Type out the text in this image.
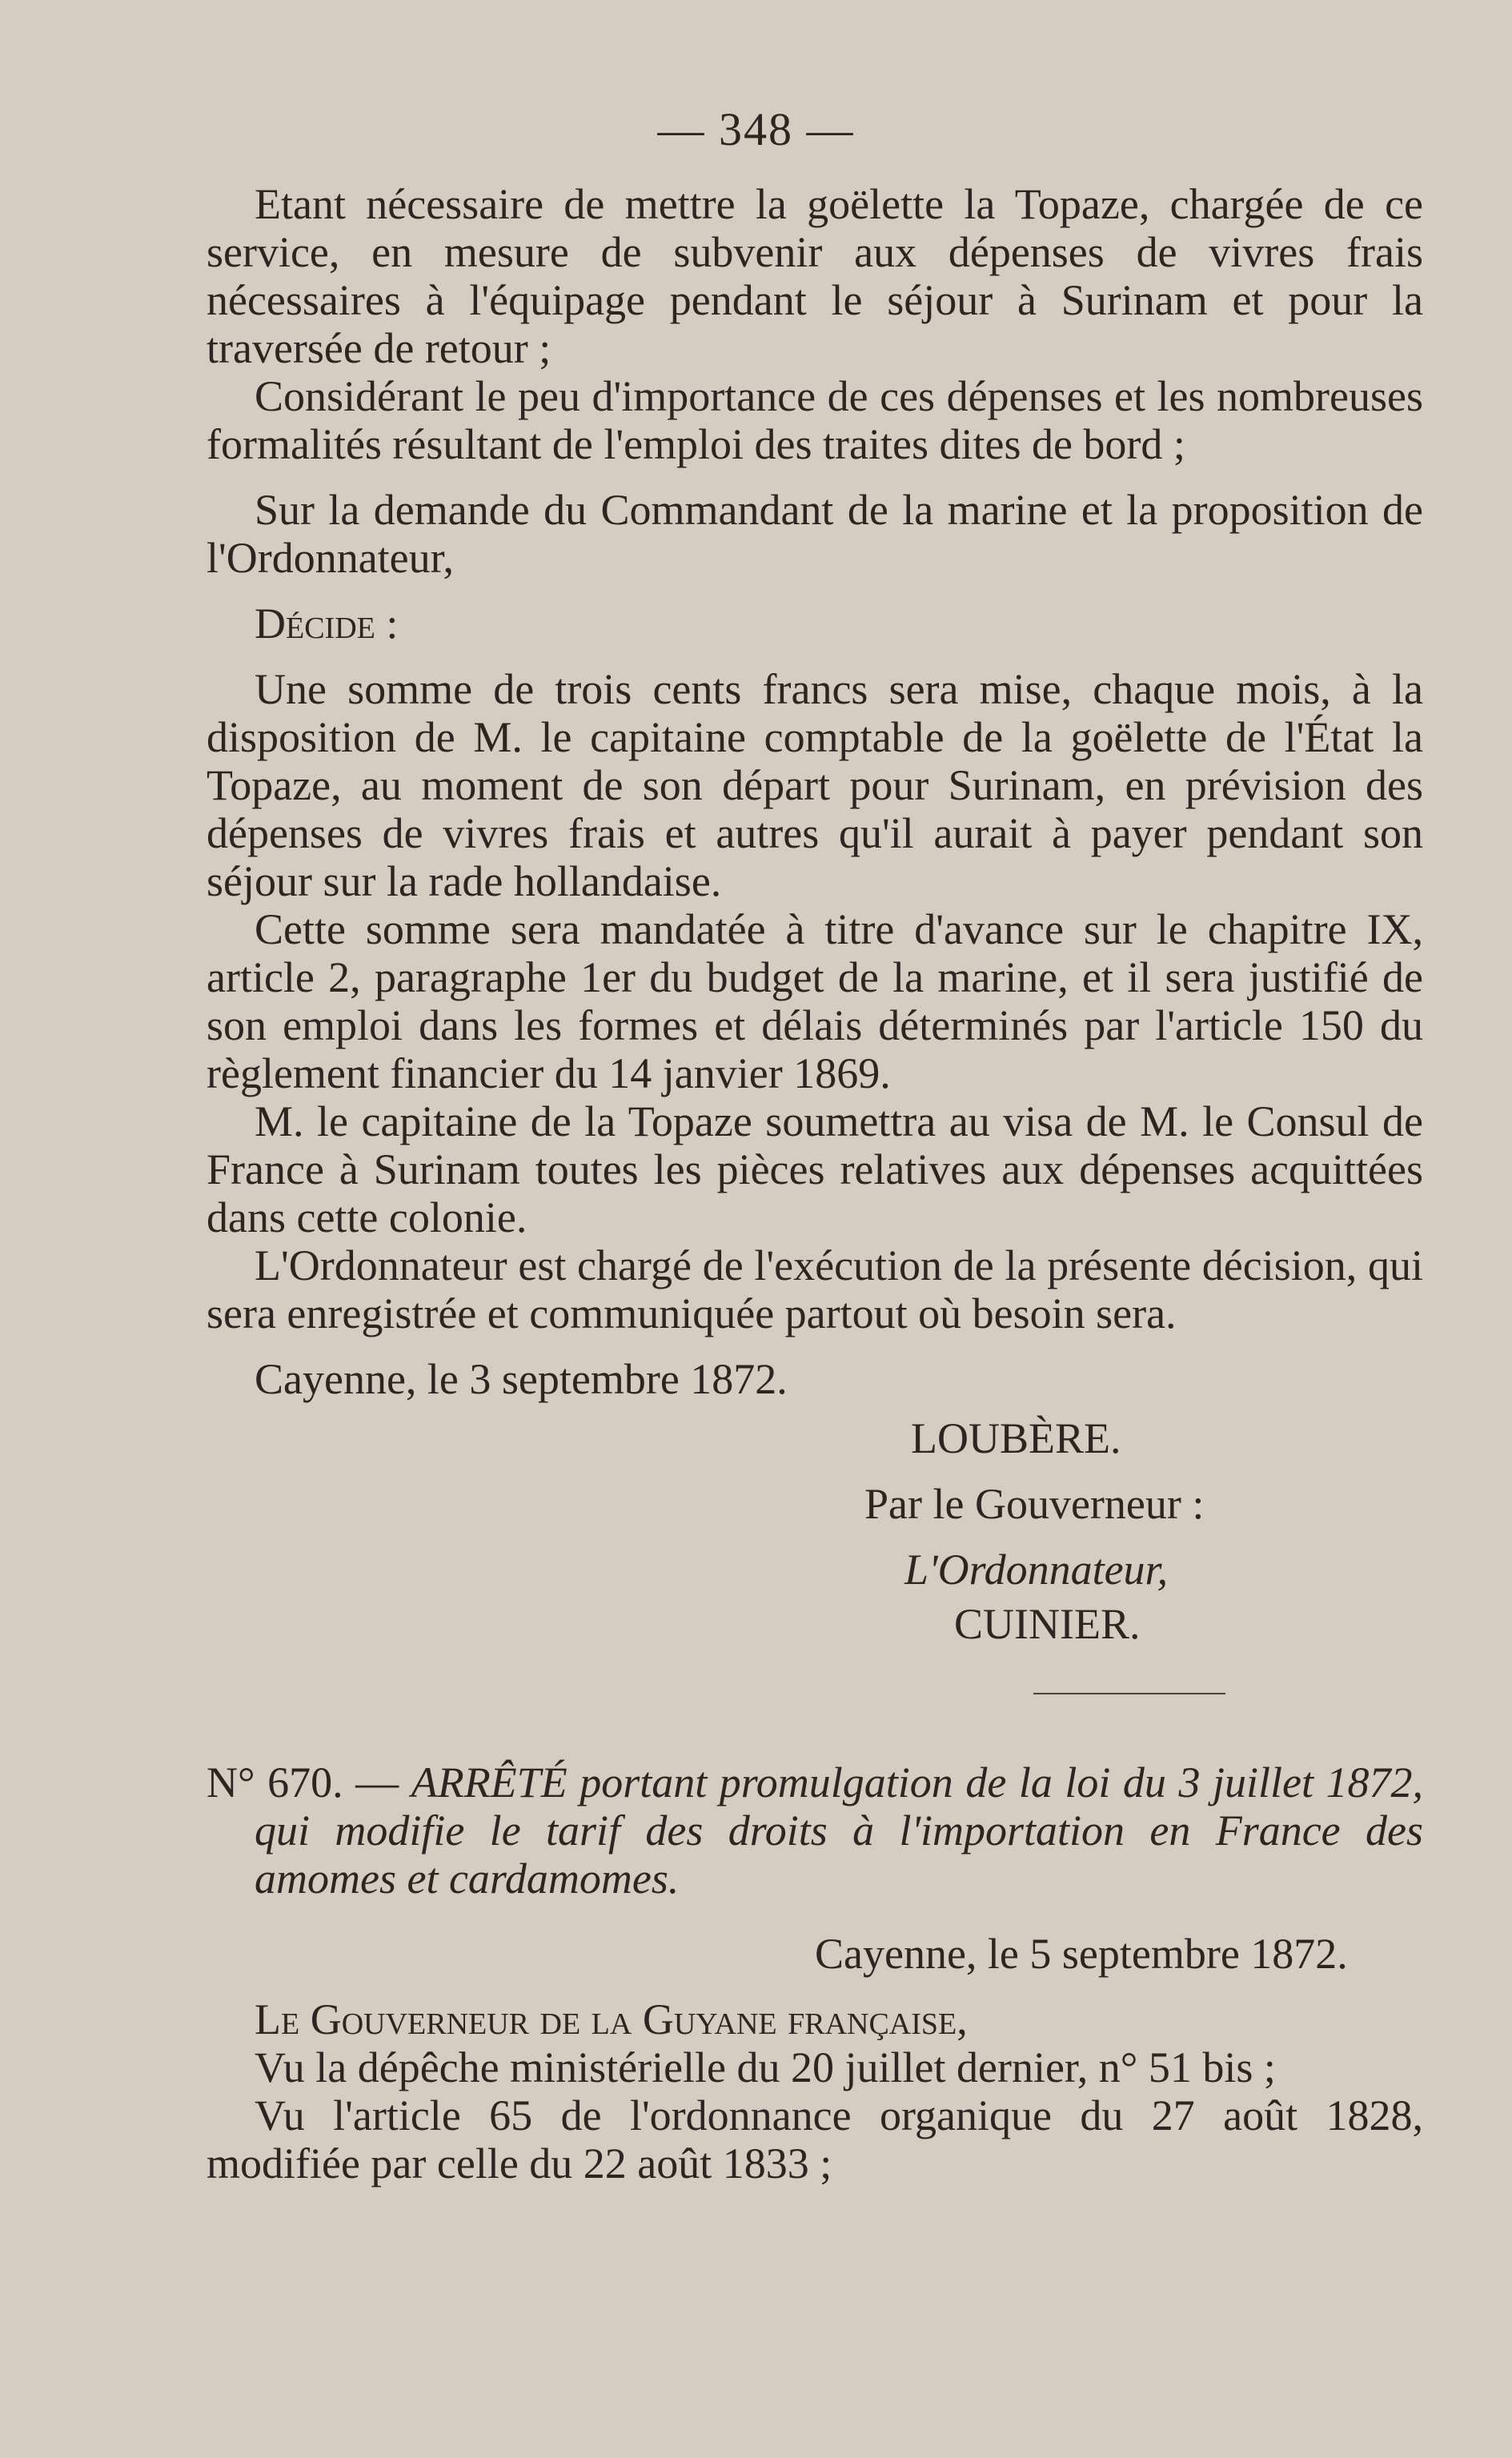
— 348 —

Etant nécessaire de mettre la goëlette la Topaze, chargée de ce service, en mesure de subvenir aux dépenses de vivres frais nécessaires à l'équipage pendant le séjour à Surinam et pour la traversée de retour ;

Considérant le peu d'importance de ces dépenses et les nombreuses formalités résultant de l'emploi des traites dites de bord ;

Sur la demande du Commandant de la marine et la proposition de l'Ordonnateur,

Décide :

Une somme de trois cents francs sera mise, chaque mois, à la disposition de M. le capitaine comptable de la goëlette de l'État la Topaze, au moment de son départ pour Surinam, en prévision des dépenses de vivres frais et autres qu'il aurait à payer pendant son séjour sur la rade hollandaise.

Cette somme sera mandatée à titre d'avance sur le chapitre IX, article 2, paragraphe 1er du budget de la marine, et il sera justifié de son emploi dans les formes et délais déterminés par l'article 150 du règlement financier du 14 janvier 1869.

M. le capitaine de la Topaze soumettra au visa de M. le Consul de France à Surinam toutes les pièces relatives aux dépenses acquittées dans cette colonie.

L'Ordonnateur est chargé de l'exécution de la présente décision, qui sera enregistrée et communiquée partout où besoin sera.

Cayenne, le 3 septembre 1872.

LOUBÈRE.

Par le Gouverneur :

L'Ordonnateur,

CUINIER.

N° 670. — ARRÊTÉ portant promulgation de la loi du 3 juillet 1872, qui modifie le tarif des droits à l'importation en France des amomes et cardamomes.

Cayenne, le 5 septembre 1872.

Le Gouverneur de la Guyane française,

Vu la dépêche ministérielle du 20 juillet dernier, n° 51 bis ;

Vu l'article 65 de l'ordonnance organique du 27 août 1828, modifiée par celle du 22 août 1833 ;
